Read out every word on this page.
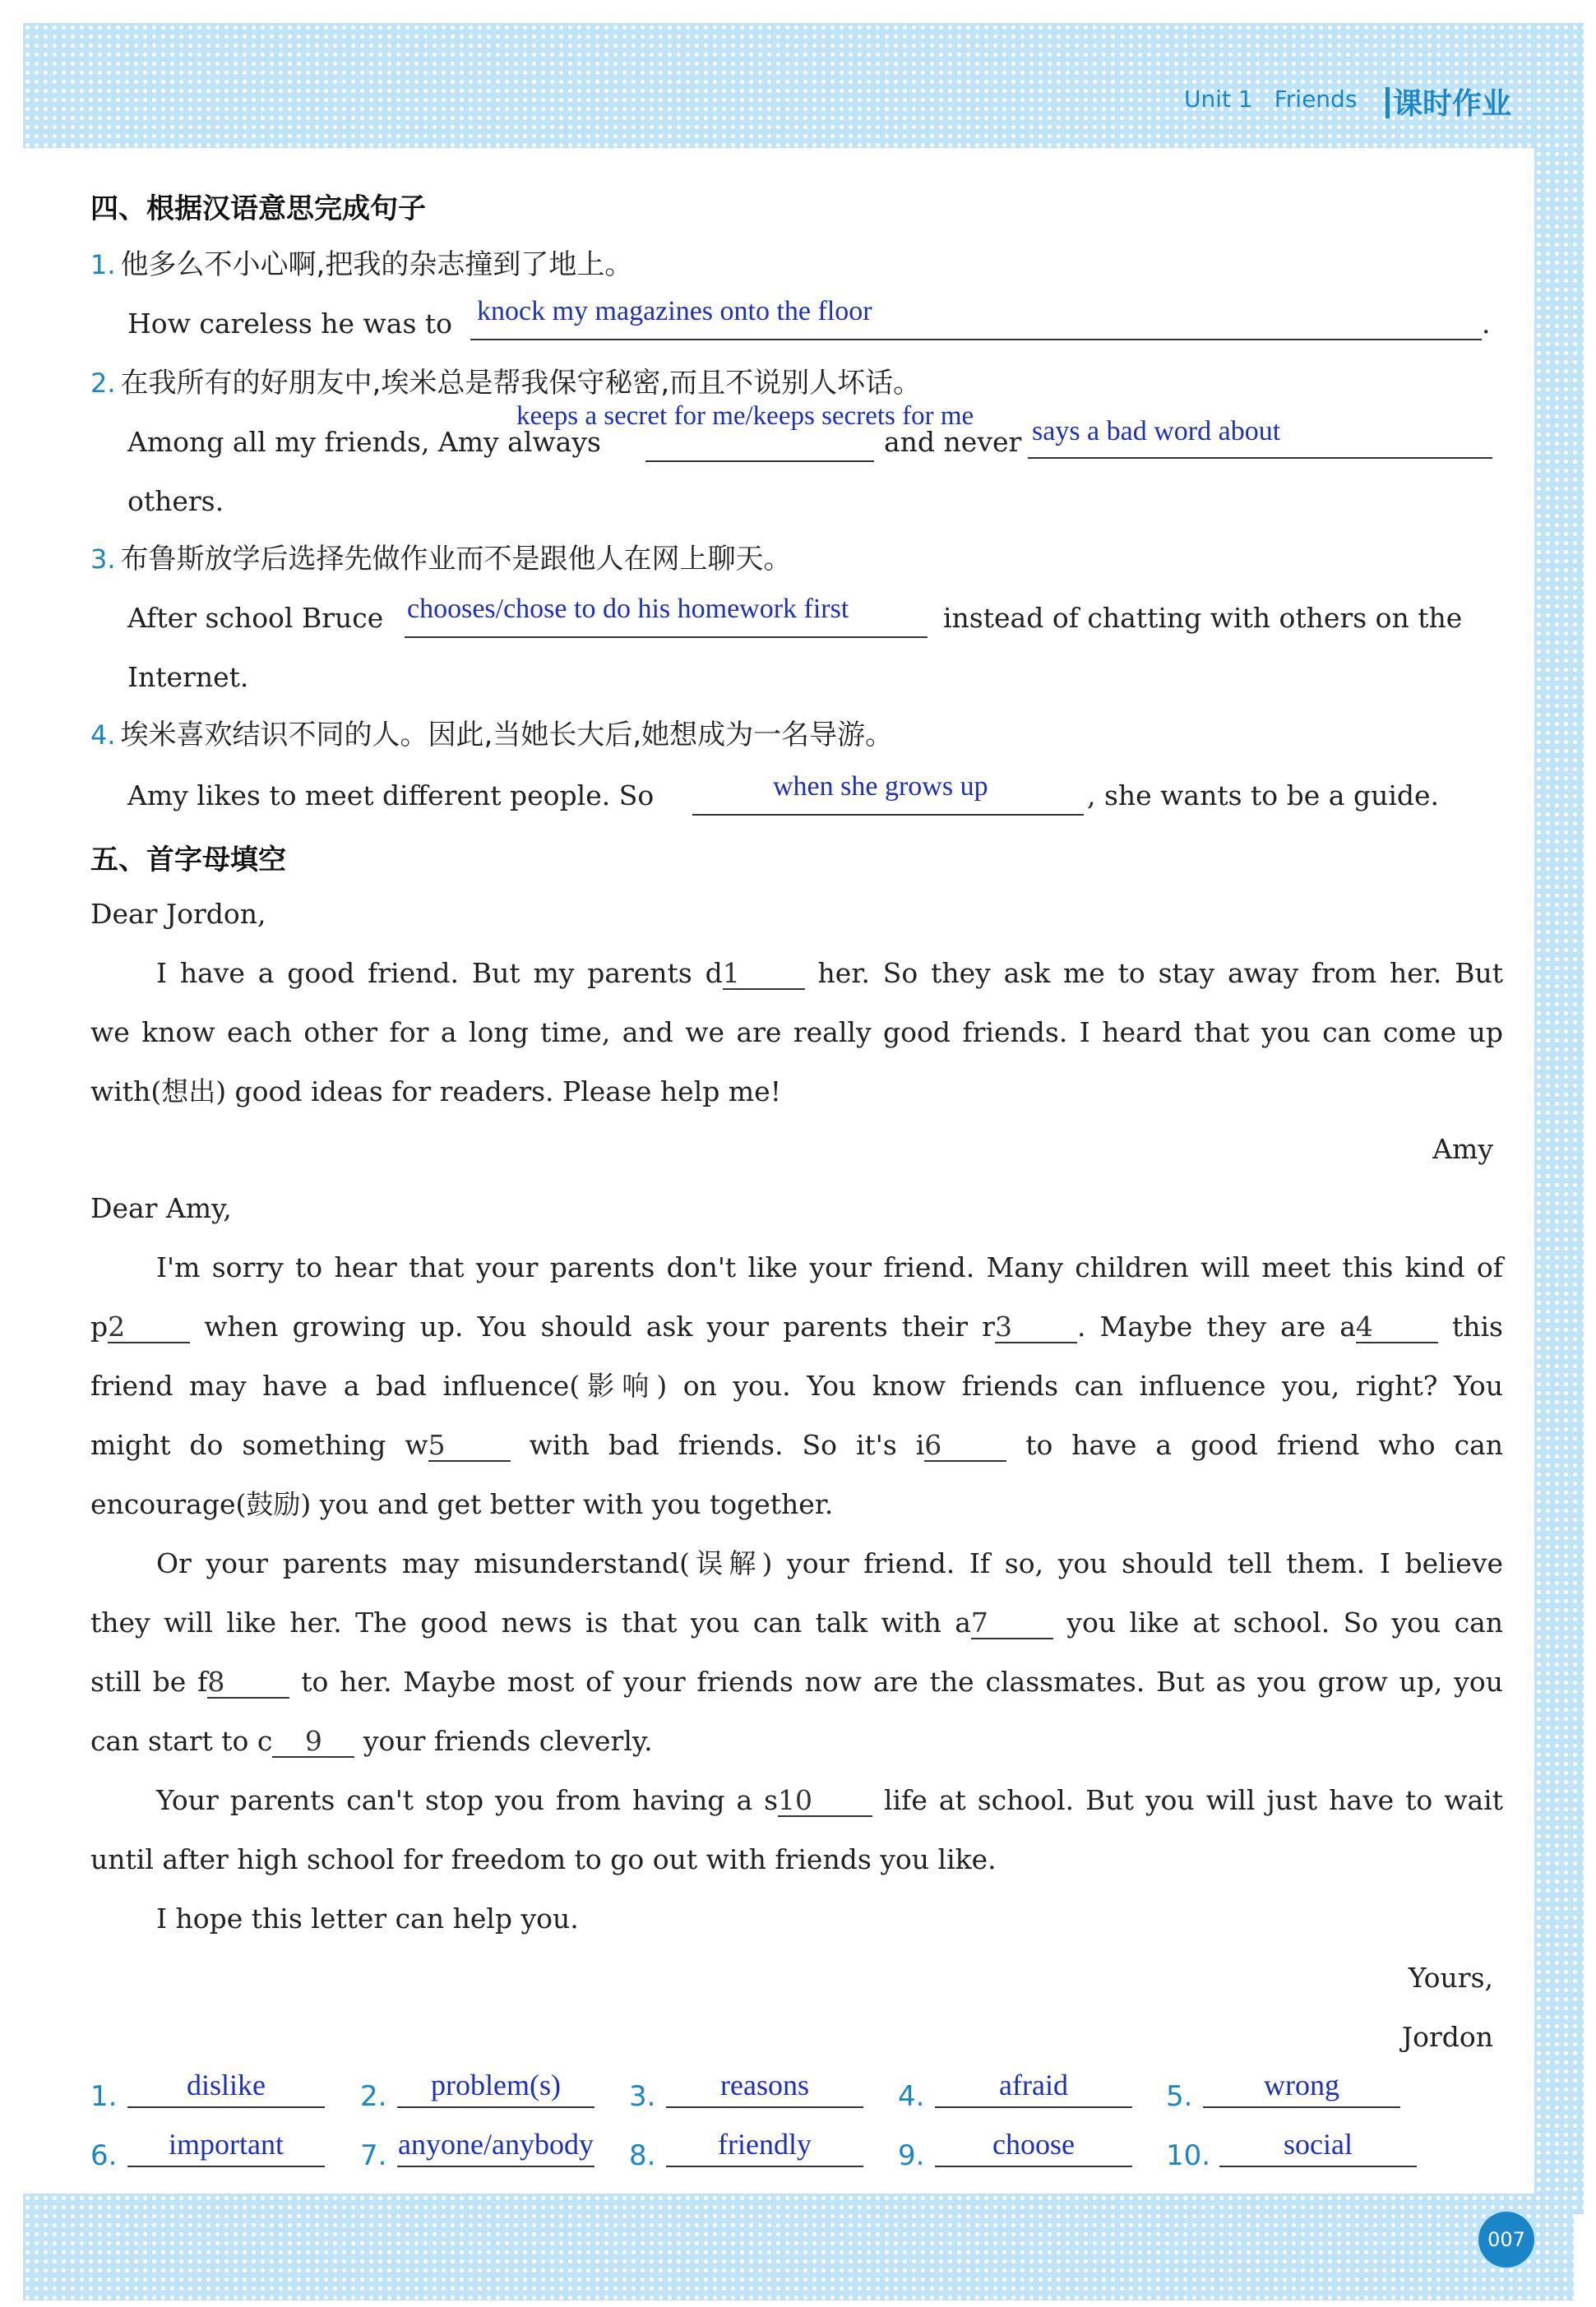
Unit 1 Friends 课时作业
四、根据汉语意思完成句子
1. 他多么不小心啊,把我的杂志撞到了地上。
How careless he was to knock my magazines onto the floor	.
2. 在我所有的好朋友中,埃米总是帮我保守秘密,而且不说别人坏话。
Among all my friends, Amy always
keeps a secret for me/keeps secrets for me
and never says a bad word about
others.
3. 布鲁斯放学后选择先做作业而不是跟他人在网上聊天。
After school Bruce chooses/chose to do his homework first	instead of chatting with others on the
Internet.
4. 埃米喜欢结识不同的人。因此,当她长大后,她想成为一名导游。
Amy likes to meet different people. So	when she grows up	, she wants to be a guide.
五、首字母填空
Dear Jordon,
I have a good friend. But my parents d1	her. So they ask me to stay away from her. But
we know each other for a long time, and we are really good friends. I heard that you can come up
with(想出) good ideas for readers. Please help me!
Amy
Dear Amy,
I'm sorry to hear that your parents don't like your friend. Many children will meet this kind of
p2	when growing up. You should ask your parents their r3 . Maybe they are a4	this
friend may have a bad influence(影响) on you. You know friends can influence you, right? You
might do something w5	with bad friends. So it's i6	to have a good friend who can
encourage(鼓励) you and get better with you together.
Or your parents may misunderstand(误解) your friend. If so, you should tell them. I believe
they will like her. The good news is that you can talk with a7	you like at school. So you can
still be f8	to her. Maybe most of your friends now are the classmates. But as you grow up, you
can start to c 9 your friends cleverly.
Your parents can't stop you from having a s10	life at school. But you will just have to wait
until after high school for freedom to go out with friends you like.
I hope this letter can help you.
Yours,
Jordon
1.	dislike	2.	problem(s)	3.	reasons	4.	afraid	5.	wrong
6.	important	7. anyone/anybody 8.	friendly	9.	choose	10.	social
007
